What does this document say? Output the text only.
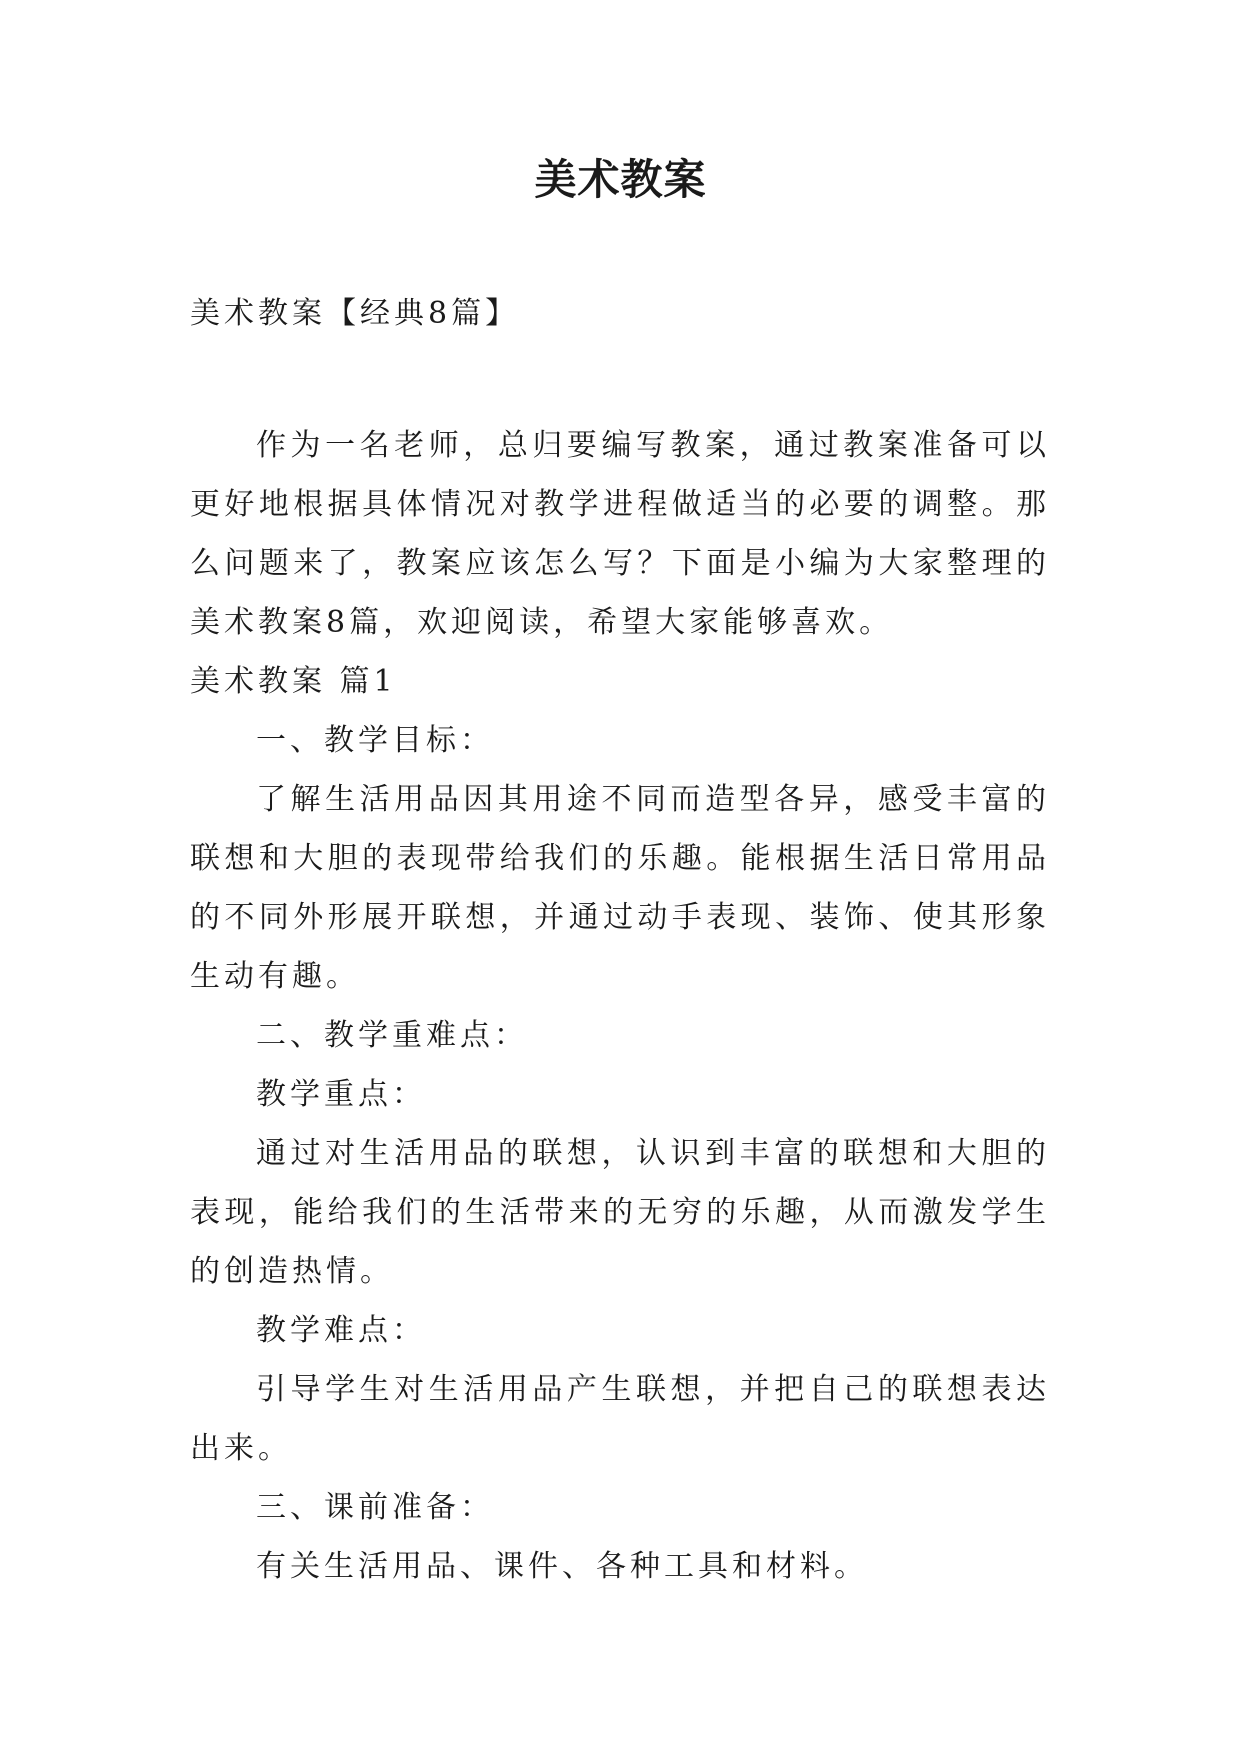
美术教案

美术教案【经典8篇】

作为一名老师，总归要编写教案，通过教案准备可以更好地根据具体情况对教学进程做适当的必要的调整。那么问题来了，教案应该怎么写？下面是小编为大家整理的美术教案8篇，欢迎阅读，希望大家能够喜欢。

美术教案 篇1

一、教学目标：

了解生活用品因其用途不同而造型各异，感受丰富的联想和大胆的表现带给我们的乐趣。能根据生活日常用品的不同外形展开联想，并通过动手表现、装饰、使其形象生动有趣。

二、教学重难点：

教学重点：

通过对生活用品的联想，认识到丰富的联想和大胆的表现，能给我们的生活带来的无穷的乐趣，从而激发学生的创造热情。

教学难点：

引导学生对生活用品产生联想，并把自己的联想表达出来。

三、课前准备：

有关生活用品、课件、各种工具和材料。
